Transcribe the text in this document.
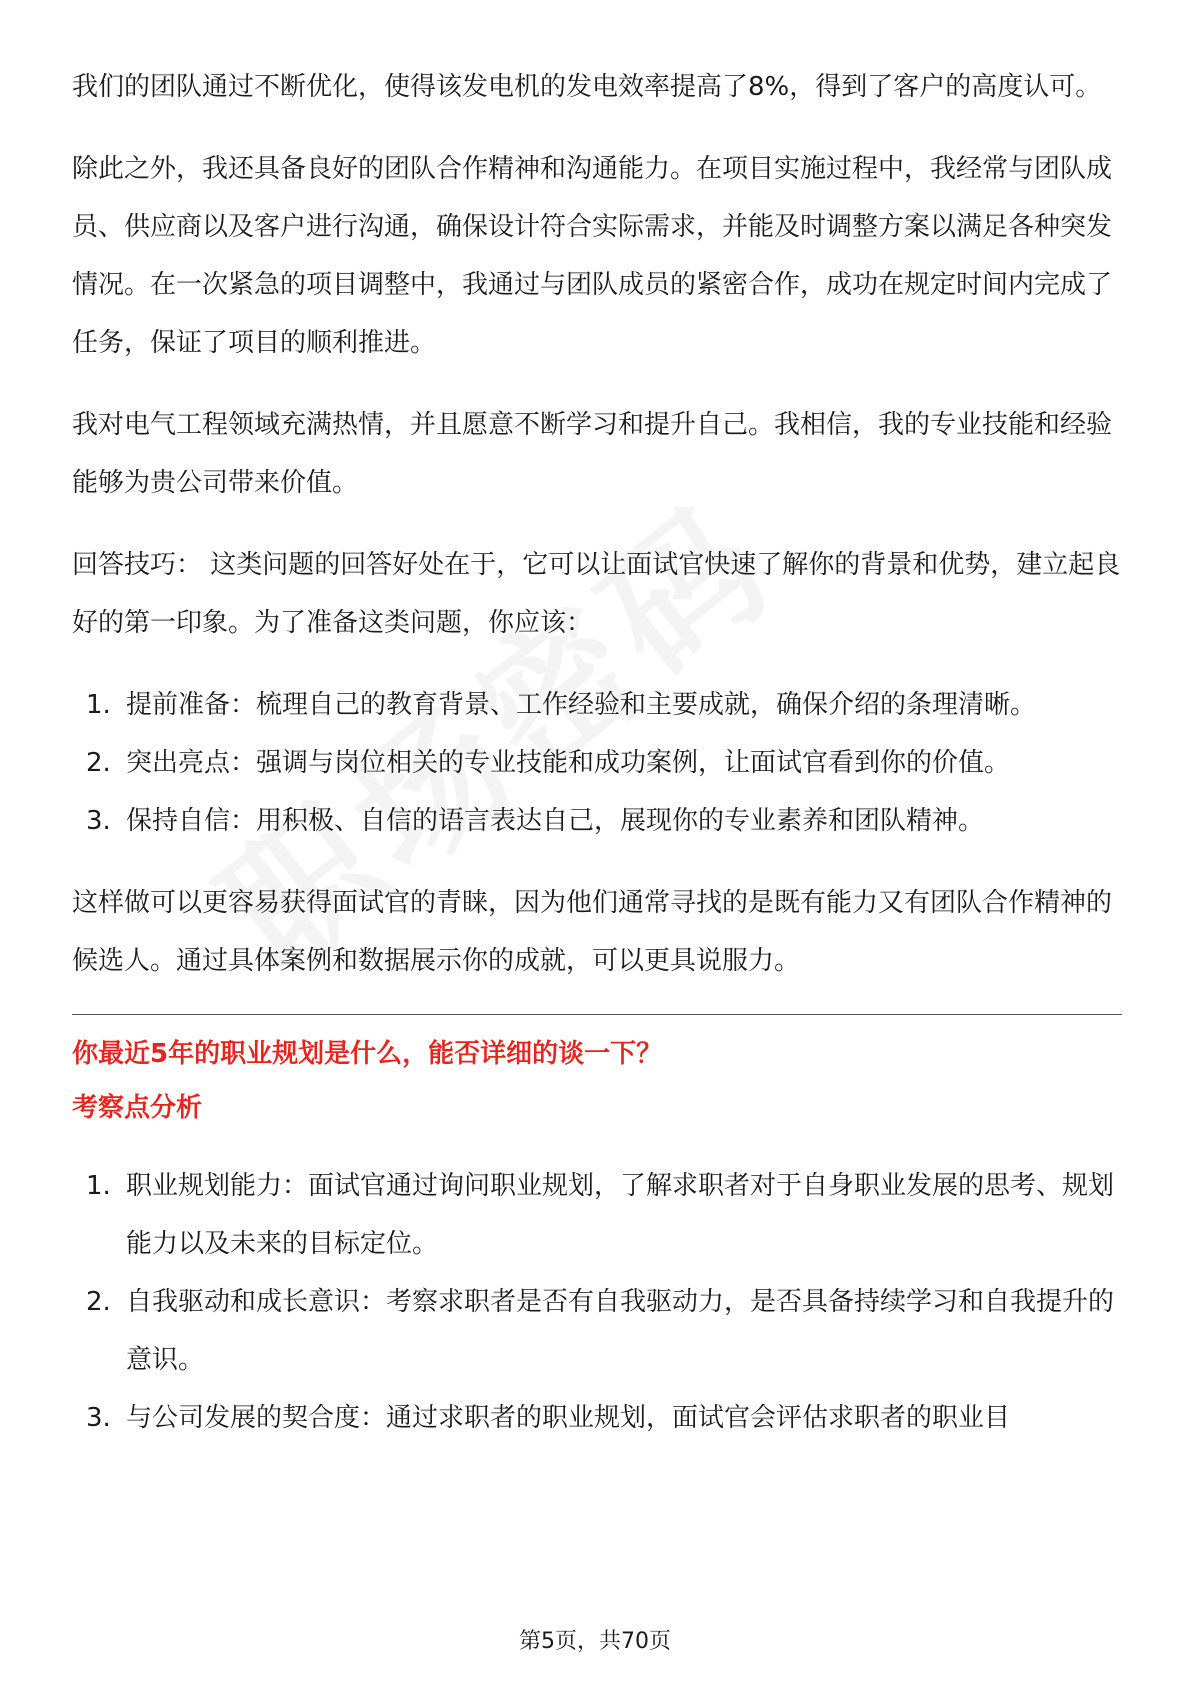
我们的团队通过不断优化，使得该发电机的发电效率提高了8%，得到了客户的高度认可。

除此之外，我还具备良好的团队合作精神和沟通能力。在项目实施过程中，我经常与团队成员、供应商以及客户进行沟通，确保设计符合实际需求，并能及时调整方案以满足各种突发情况。在一次紧急的项目调整中，我通过与团队成员的紧密合作，成功在规定时间内完成了任务，保证了项目的顺利推进。

我对电气工程领域充满热情，并且愿意不断学习和提升自己。我相信，我的专业技能和经验能够为贵公司带来价值。

回答技巧： 这类问题的回答好处在于，它可以让面试官快速了解你的背景和优势，建立起良好的第一印象。为了准备这类问题，你应该：

1. 提前准备：梳理自己的教育背景、工作经验和主要成就，确保介绍的条理清晰。
2. 突出亮点：强调与岗位相关的专业技能和成功案例，让面试官看到你的价值。
3. 保持自信：用积极、自信的语言表达自己，展现你的专业素养和团队精神。

这样做可以更容易获得面试官的青睐，因为他们通常寻找的是既有能力又有团队合作精神的候选人。通过具体案例和数据展示你的成就，可以更具说服力。

你最近5年的职业规划是什么，能否详细的谈一下？

考察点分析

1. 职业规划能力：面试官通过询问职业规划，了解求职者对于自身职业发展的思考、规划能力以及未来的目标定位。
2. 自我驱动和成长意识：考察求职者是否有自我驱动力，是否具备持续学习和自我提升的意识。
3. 与公司发展的契合度：通过求职者的职业规划，面试官会评估求职者的职业目
第5页，共70页
